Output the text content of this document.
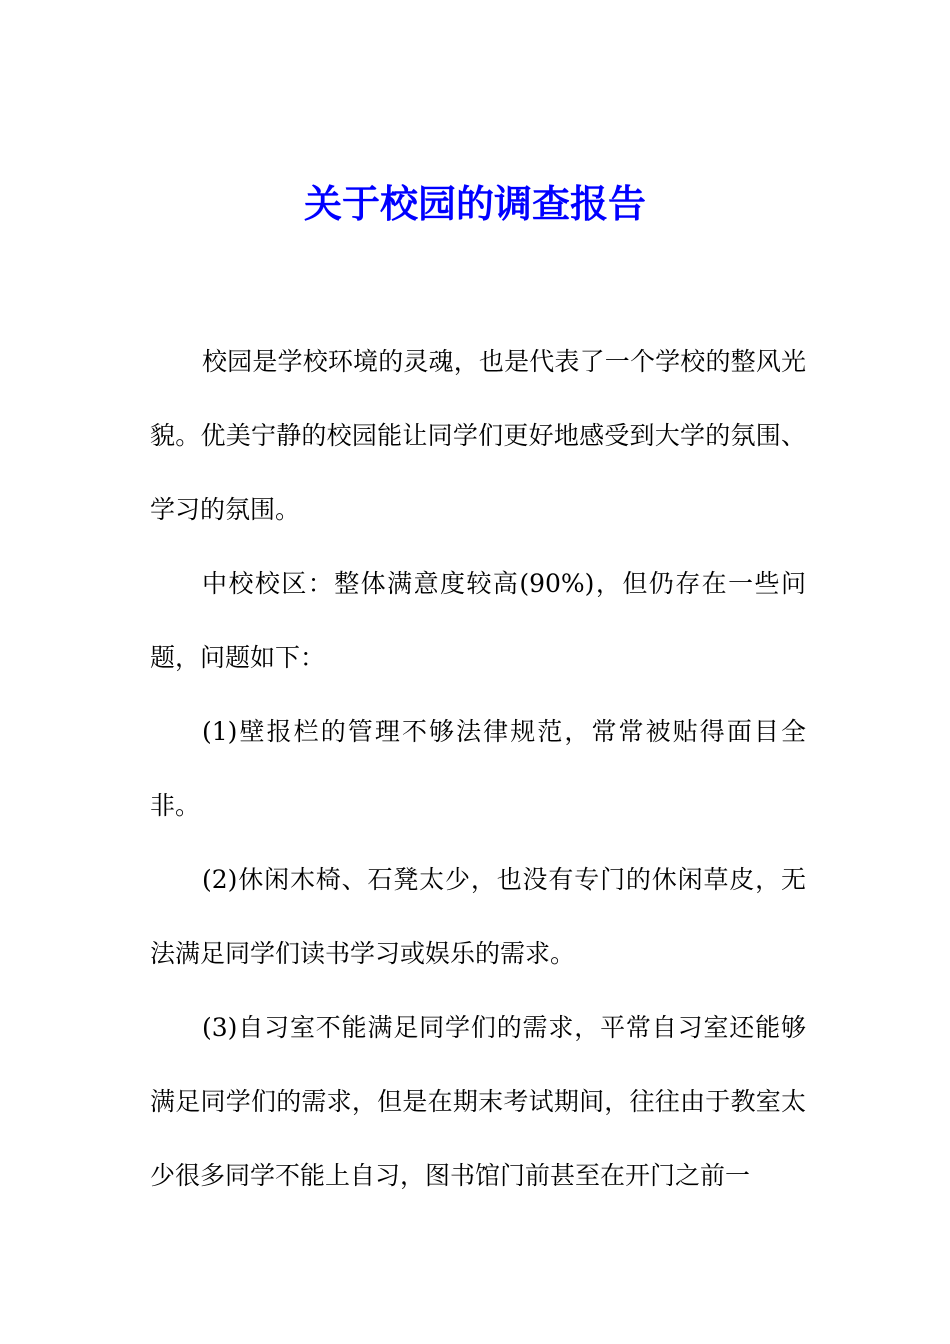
关于校园的调查报告

校园是学校环境的灵魂，也是代表了一个学校的整风光貌。优美宁静的校园能让同学们更好地感受到大学的氛围、学习的氛围。

中校校区：整体满意度较高(90%)，但仍存在一些问题，问题如下：

(1)壁报栏的管理不够法律规范，常常被贴得面目全非。

(2)休闲木椅、石凳太少，也没有专门的休闲草皮，无法满足同学们读书学习或娱乐的需求。

(3)自习室不能满足同学们的需求，平常自习室还能够满足同学们的需求，但是在期末考试期间，往往由于教室太少很多同学不能上自习，图书馆门前甚至在开门之前一
